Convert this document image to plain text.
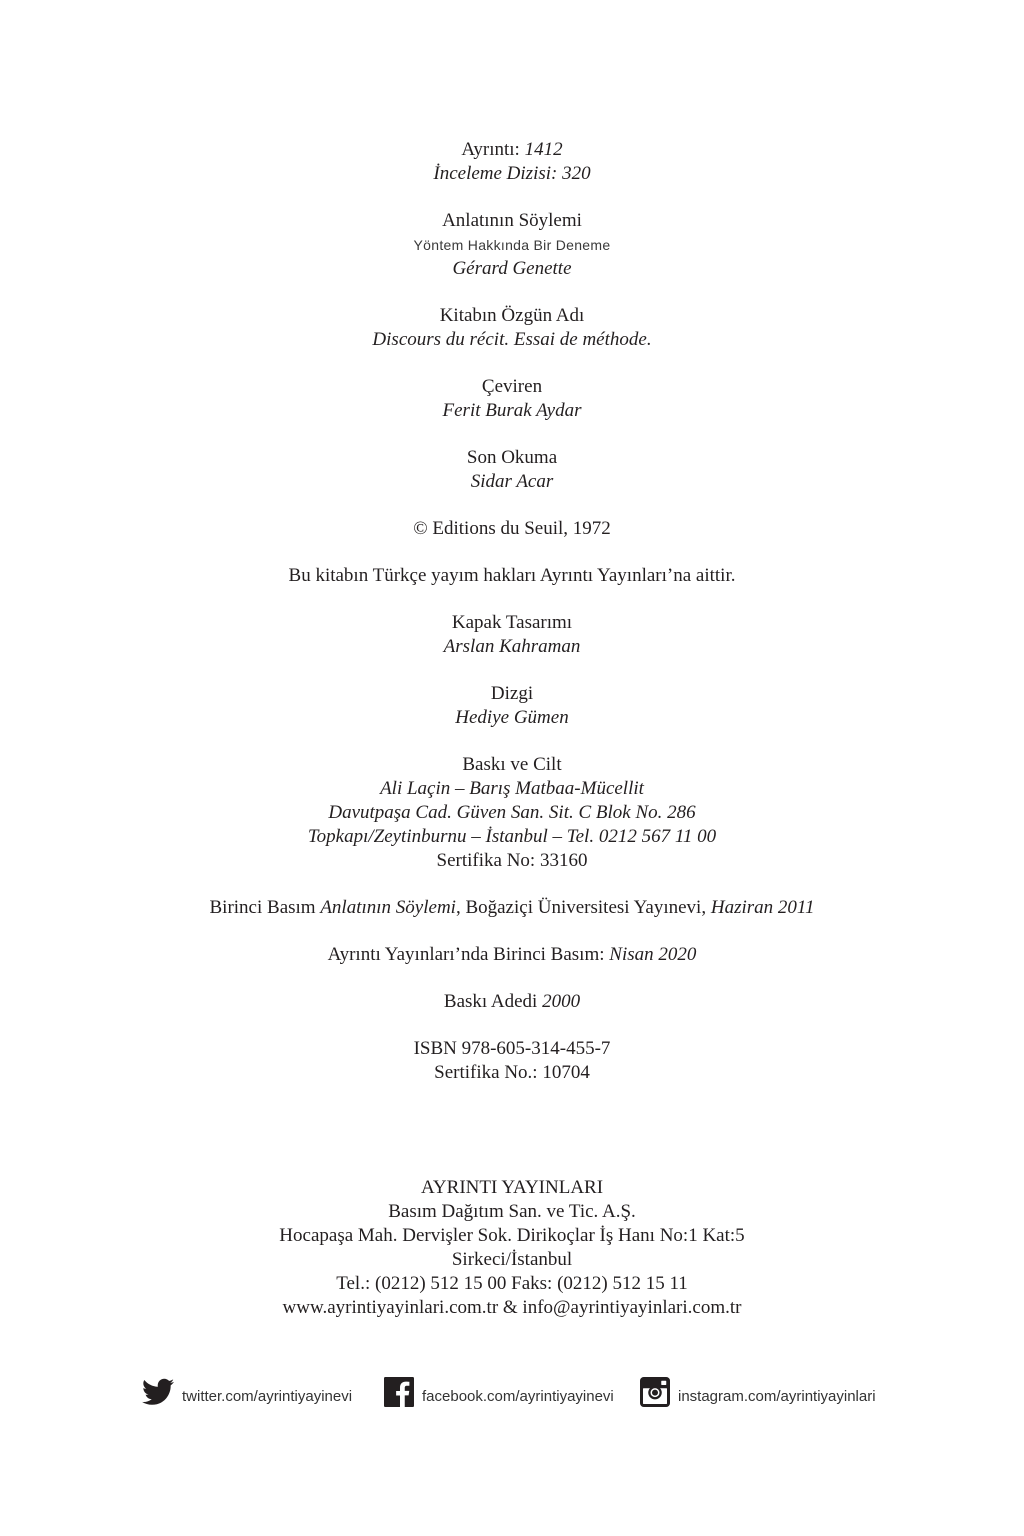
Ayrıntı: 1412
İnceleme Dizisi: 320
Anlatının Söylemi
Yöntem Hakkında Bir Deneme
Gérard Genette
Kitabın Özgün Adı
Discours du récit. Essai de méthode.
Çeviren
Ferit Burak Aydar
Son Okuma
Sidar Acar
© Editions du Seuil, 1972
Bu kitabın Türkçe yayım hakları Ayrıntı Yayınları’na aittir.
Kapak Tasarımı
Arslan Kahraman
Dizgi
Hediye Gümen
Baskı ve Cilt
Ali Laçin – Barış Matbaa-Mücellit
Davutpaşa Cad. Güven San. Sit. C Blok No. 286
Topkapı/Zeytinburnu – İstanbul – Tel. 0212 567 11 00
Sertifika No: 33160
Birinci Basım Anlatının Söylemi, Boğaziçi Üniversitesi Yayınevi, Haziran 2011
Ayrıntı Yayınları’nda Birinci Basım: Nisan 2020
Baskı Adedi 2000
ISBN 978-605-314-455-7
Sertifika No.: 10704
AYRINTI YAYINLARI
Basım Dağıtım San. ve Tic. A.Ş.
Hocapaşa Mah. Dervişler Sok. Dirikoçlar İş Hanı No:1 Kat:5
Sirkeci/İstanbul
Tel.: (0212) 512 15 00 Faks: (0212) 512 15 11
www.ayrintiyayinlari.com.tr & info@ayrintiyayinlari.com.tr
twitter.com/ayrintiyayinevi	facebook.com/ayrintiyayinevi	instagram.com/ayrintiyayinlari
